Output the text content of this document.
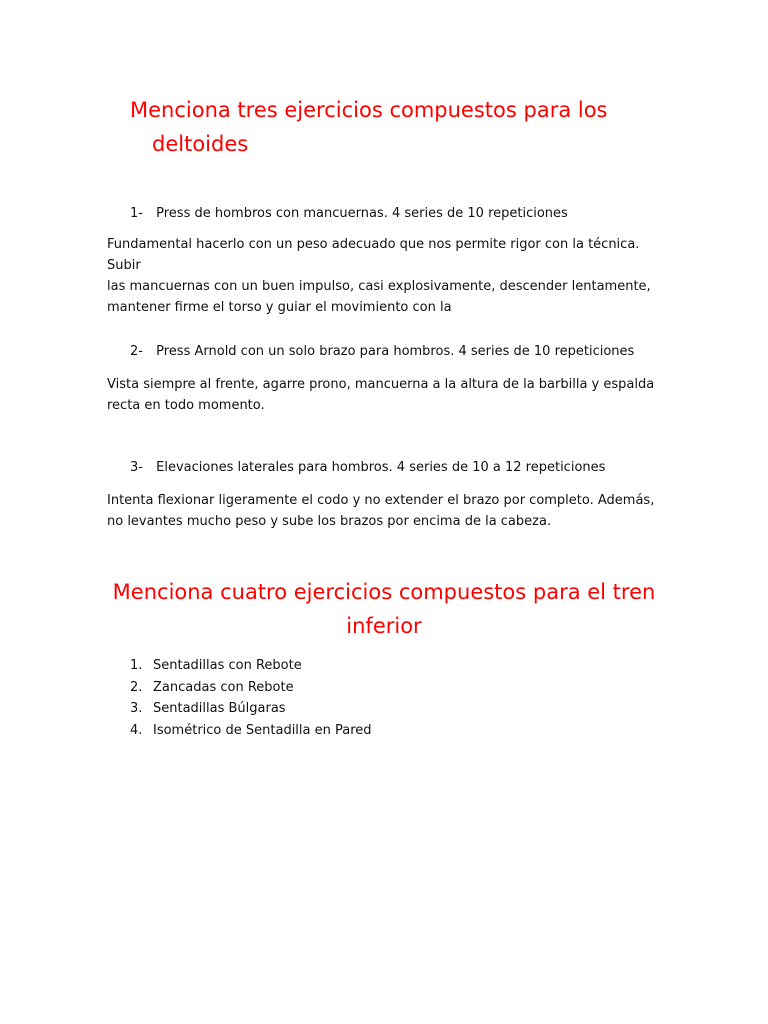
Menciona tres ejercicios compuestos para los
deltoides
1- Press de hombros con mancuernas. 4 series de 10 repeticiones

Fundamental hacerlo con un peso adecuado que nos permite rigor con la técnica. Subir
las mancuernas con un buen impulso, casi explosivamente, descender lentamente,
mantener firme el torso y guiar el movimiento con la

2- Press Arnold con un solo brazo para hombros. 4 series de 10 repeticiones

Vista siempre al frente, agarre prono, mancuerna a la altura de la barbilla y espalda
recta en todo momento.

3- Elevaciones laterales para hombros. 4 series de 10 a 12 repeticiones

Intenta flexionar ligeramente el codo y no extender el brazo por completo. Además,
no levantes mucho peso y sube los brazos por encima de la cabeza.

Menciona cuatro ejercicios compuestos para el tren
inferior
1. Sentadillas con Rebote
2. Zancadas con Rebote
3. Sentadillas Búlgaras
4. Isométrico de Sentadilla en Pared
